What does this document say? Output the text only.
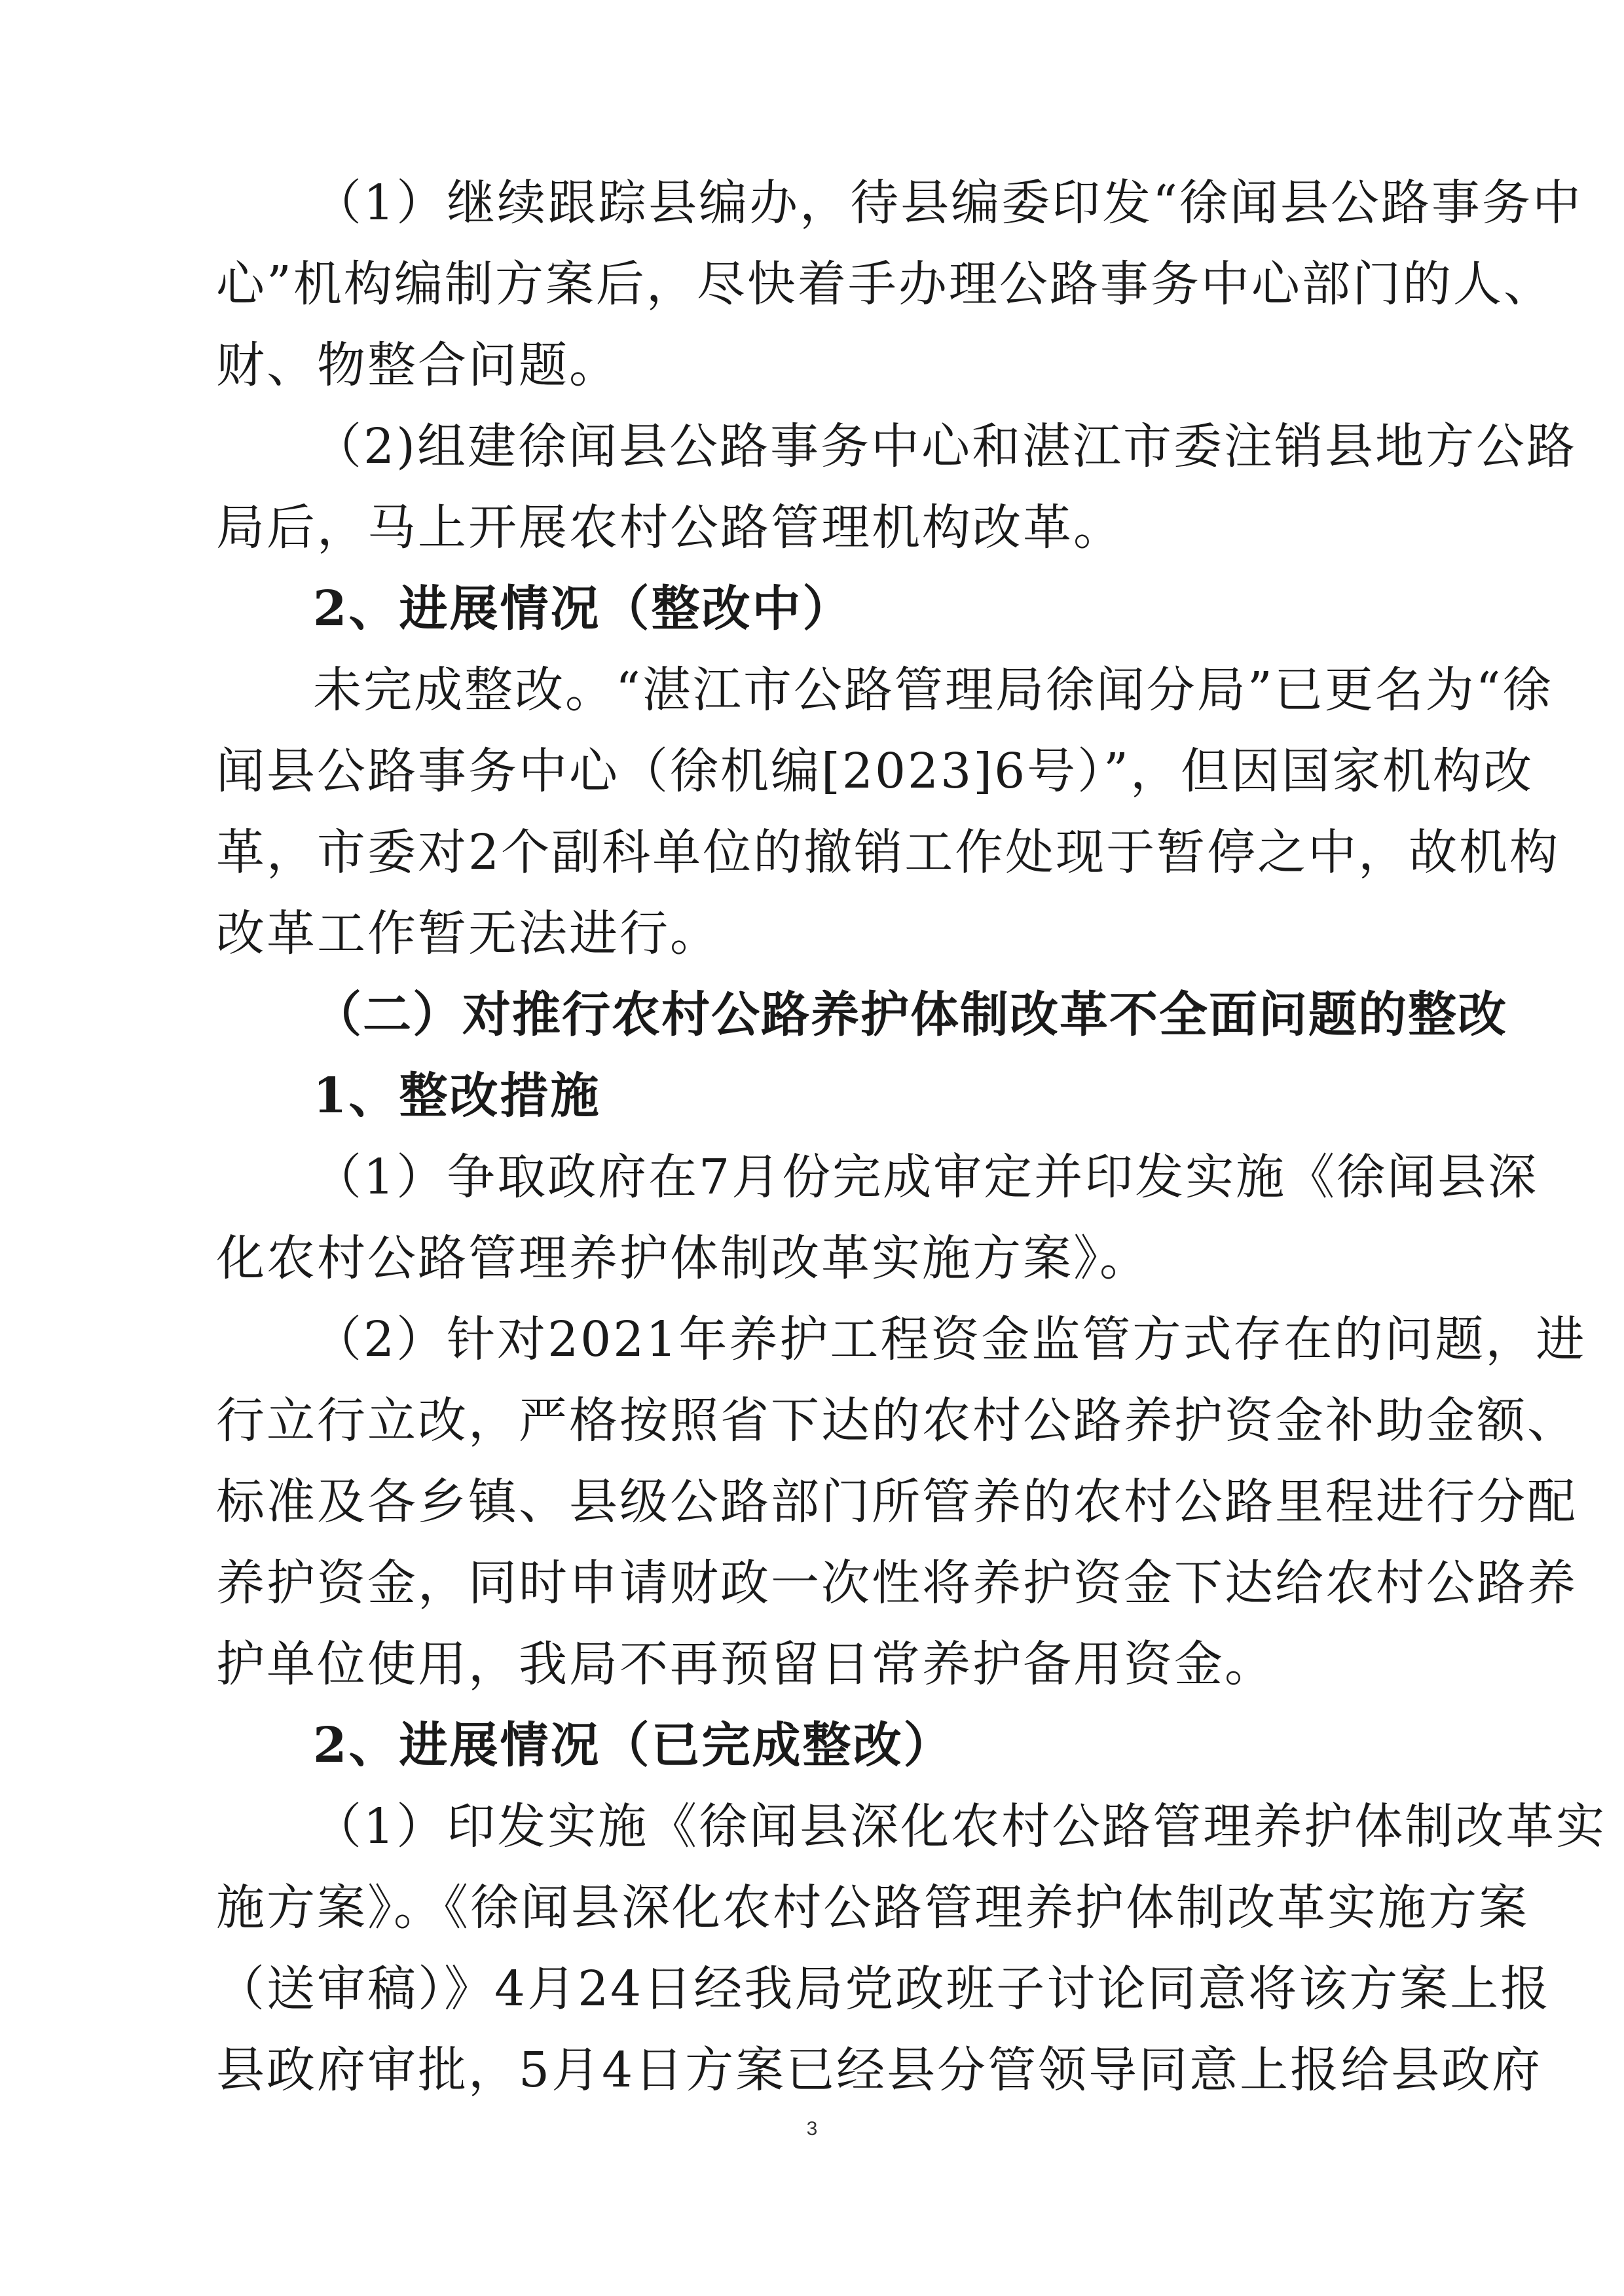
（1）继续跟踪县编办，待县编委印发“徐闻县公路事务中

心”机构编制方案后，尽快着手办理公路事务中心部门的人、

财、物整合问题。

（2)组建徐闻县公路事务中心和湛江市委注销县地方公路

局后，马上开展农村公路管理机构改革。

2、进展情况（整改中）

未完成整改。“湛江市公路管理局徐闻分局”已更名为“徐

闻县公路事务中心（徐机编[2023]6号）”，但因国家机构改

革，市委对2个副科单位的撤销工作处现于暂停之中，故机构

改革工作暂无法进行。

（二）对推行农村公路养护体制改革不全面问题的整改

1、整改措施

（1）争取政府在7月份完成审定并印发实施《徐闻县深

化农村公路管理养护体制改革实施方案》。

（2）针对2021年养护工程资金监管方式存在的问题，进

行立行立改，严格按照省下达的农村公路养护资金补助金额、

标准及各乡镇、县级公路部门所管养的农村公路里程进行分配

养护资金，同时申请财政一次性将养护资金下达给农村公路养

护单位使用，我局不再预留日常养护备用资金。

2、进展情况（已完成整改）

（1）印发实施《徐闻县深化农村公路管理养护体制改革实

施方案》。《徐闻县深化农村公路管理养护体制改革实施方案

（送审稿）》4月24日经我局党政班子讨论同意将该方案上报

县政府审批，5月4日方案已经县分管领导同意上报给县政府

3
